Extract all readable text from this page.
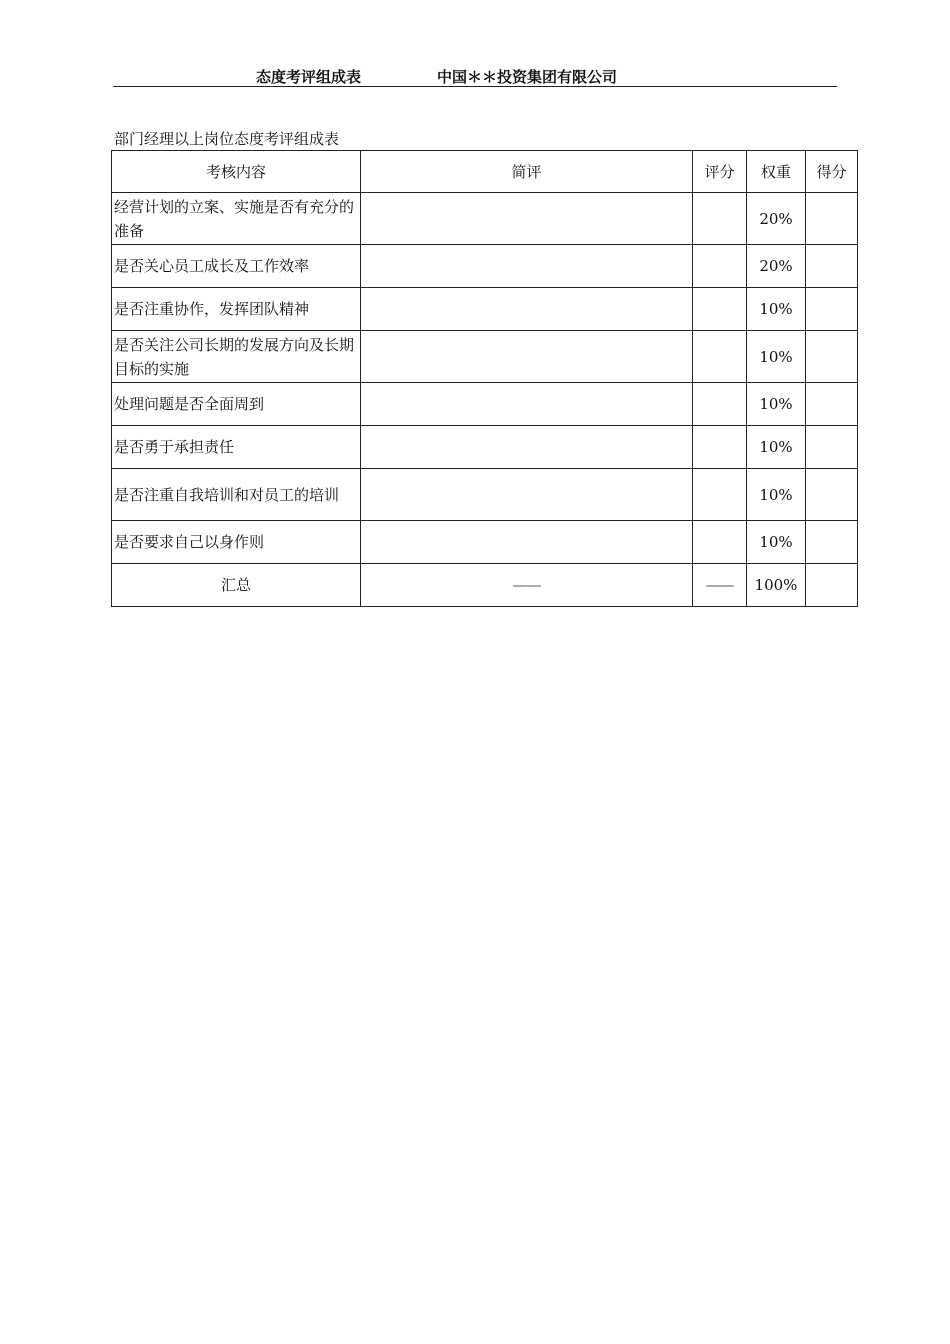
态度考评组成表	中国＊＊投资集团有限公司
部门经理以上岗位态度考评组成表
考核内容	简评	评分	权重	得分
经营计划的立案、实施是否有充分的准备			20%	
是否关心员工成长及工作效率			20%	
是否注重协作，发挥团队精神			10%	
是否关注公司长期的发展方向及长期目标的实施			10%	
处理问题是否全面周到			10%	
是否勇于承担责任			10%	
是否注重自我培训和对员工的培训			10%	
是否要求自己以身作则			10%	
汇总	——	——	100%	
